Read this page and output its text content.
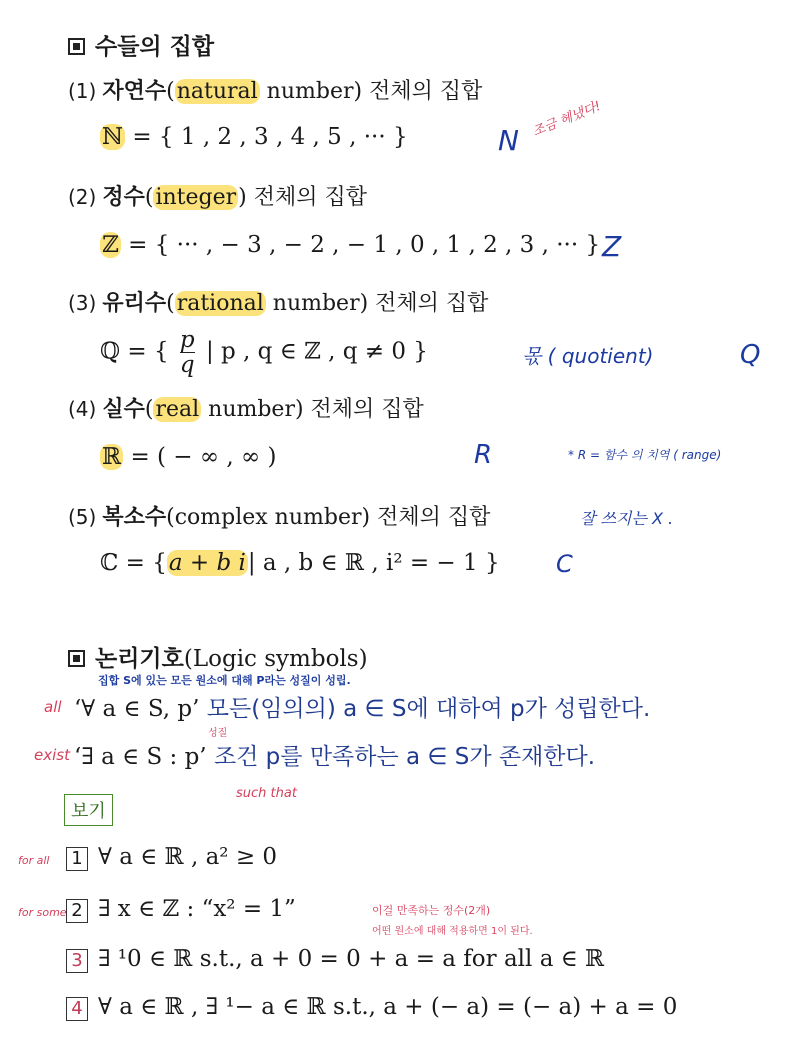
수들의 집합
(1) 자연수(natural number) 전체의 집합
ℕ = { 1 , 2 , 3 , 4 , 5 , ··· }
(2) 정수(integer) 전체의 집합
ℤ = { ··· , − 3 , − 2 , − 1 , 0 , 1 , 2 , 3 , ··· }
(3) 유리수(rational number) 전체의 집합
ℚ = { $\frac{p}{q}$ | p , q ∈ ℤ , q ≠ 0 }
(4) 실수(real number) 전체의 집합
ℝ = ( − ∞ , ∞ )
(5) 복소수(complex number) 전체의 집합
ℂ = {a + b i| a , b ∈ ℝ , i² = − 1 }
N
조금 헤냈다!
Z
몫 ( quotient)	Q
R	* R = 함수 의 치역 ( range)
잘 쓰지는 X .
C
논리기호(Logic symbols)
집합 S에 있는 모든 원소에 대해 P라는 성질이 성립.
all ‘∀ a ∈ S, p’ 모든(임의의) a ∈ S에 대하여 p가 성립한다.
성질
exist ‘∃ a ∈ S : p’ 조건 p를 만족하는 a ∈ S가 존재한다.
such that
보기
for all 1 ∀ a ∈ ℝ , a² ≥ 0
for some 2 ∃ x ∈ ℤ : “x² = 1”	이걸 만족하는 정수(2개)
어떤 원소에 대해 적용하면 1이 된다.
3 ∃ ¹0 ∈ ℝ s.t., a + 0 = 0 + a = a for all a ∈ ℝ
4 ∀ a ∈ ℝ , ∃ ¹− a ∈ ℝ s.t., a + (− a) = (− a) + a = 0
